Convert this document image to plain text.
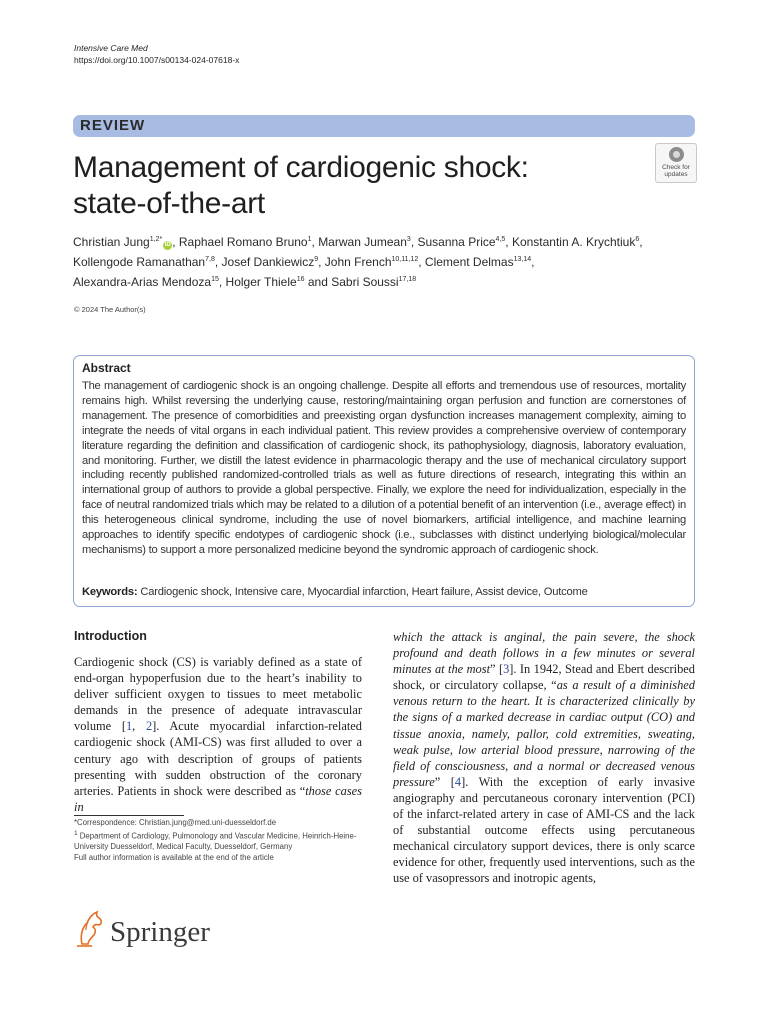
Intensive Care Med
https://doi.org/10.1007/s00134-024-07618-x
REVIEW
Management of cardiogenic shock:
state-of-the-art
Check for
updates
Christian Jung$^{1,2*}$iD , Raphael Romano Bruno$^1$, Marwan Jumean$^3$, Susanna Price$^{4,5}$, Konstantin A. Krychtiuk$^6$,
Kollengode Ramanathan$^{7,8}$, Josef Dankiewicz$^9$, John French$^{10,11,12}$, Clement Delmas$^{13,14}$,
Alexandra-Arias Mendoza$^{15}$, Holger Thiele$^{16}$ and Sabri Soussi$^{17,18}$
© 2024 The Author(s)
Abstract
The management of cardiogenic shock is an ongoing challenge. Despite all efforts and tremendous use of resources, mortality remains high. Whilst reversing the underlying cause, restoring/maintaining organ perfusion and function are cornerstones of management. The presence of comorbidities and preexisting organ dysfunction increases management complexity, aiming to integrate the needs of vital organs in each individual patient. This review provides a comprehensive overview of contemporary literature regarding the definition and classification of cardiogenic shock, its pathophysiology, diagnosis, laboratory evaluation, and monitoring. Further, we distill the latest evidence in pharmacologic therapy and the use of mechanical circulatory support including recently published randomized-controlled trials as well as future directions of research, integrating this within an international group of authors to provide a global perspective. Finally, we explore the need for individualization, especially in the face of neutral randomized trials which may be related to a dilution of a potential benefit of an intervention (i.e., average effect) in this heterogeneous clinical syndrome, including the use of novel biomarkers, artificial intelligence, and machine learning approaches to identify specific endotypes of cardiogenic shock (i.e., subclasses with distinct underlying biological/molecular mechanisms) to support a more personalized medicine beyond the syndromic approach of cardiogenic shock.
Keywords: Cardiogenic shock, Intensive care, Myocardial infarction, Heart failure, Assist device, Outcome
Introduction
Cardiogenic shock (CS) is variably defined as a state of end-organ hypoperfusion due to the heart’s inability to deliver sufficient oxygen to tissues to meet metabolic demands in the presence of adequate intravascular volume [1, 2]. Acute myocardial infarction-related cardiogenic shock (AMI-CS) was first alluded to over a century ago with description of groups of patients presenting with sudden obstruction of the coronary arteries. Patients in shock were described as “those cases in
which the attack is anginal, the pain severe, the shock profound and death follows in a few minutes or several minutes at the most” [3]. In 1942, Stead and Ebert described shock, or circulatory collapse, “as a result of a diminished venous return to the heart. It is characterized clinically by the signs of a marked decrease in cardiac output (CO) and tissue anoxia, namely, pallor, cold extremities, sweating, weak pulse, low arterial blood pressure, narrowing of the field of consciousness, and a normal or decreased venous pressure” [4]. With the exception of early invasive angiography and percutaneous coronary intervention (PCI) of the infarct-related artery in case of AMI-CS and the lack of substantial outcome effects using percutaneous mechanical circulatory support devices, there is only scarce evidence for other, frequently used interventions, such as the use of vasopressors and inotropic agents,
*Correspondence: Christian.jung@med.uni-duesseldorf.de
$^1$ Department of Cardiology, Pulmonology and Vascular Medicine, Heinrich-Heine-University Duesseldorf, Medical Faculty, Duesseldorf, Germany
Full author information is available at the end of the article
Springer
